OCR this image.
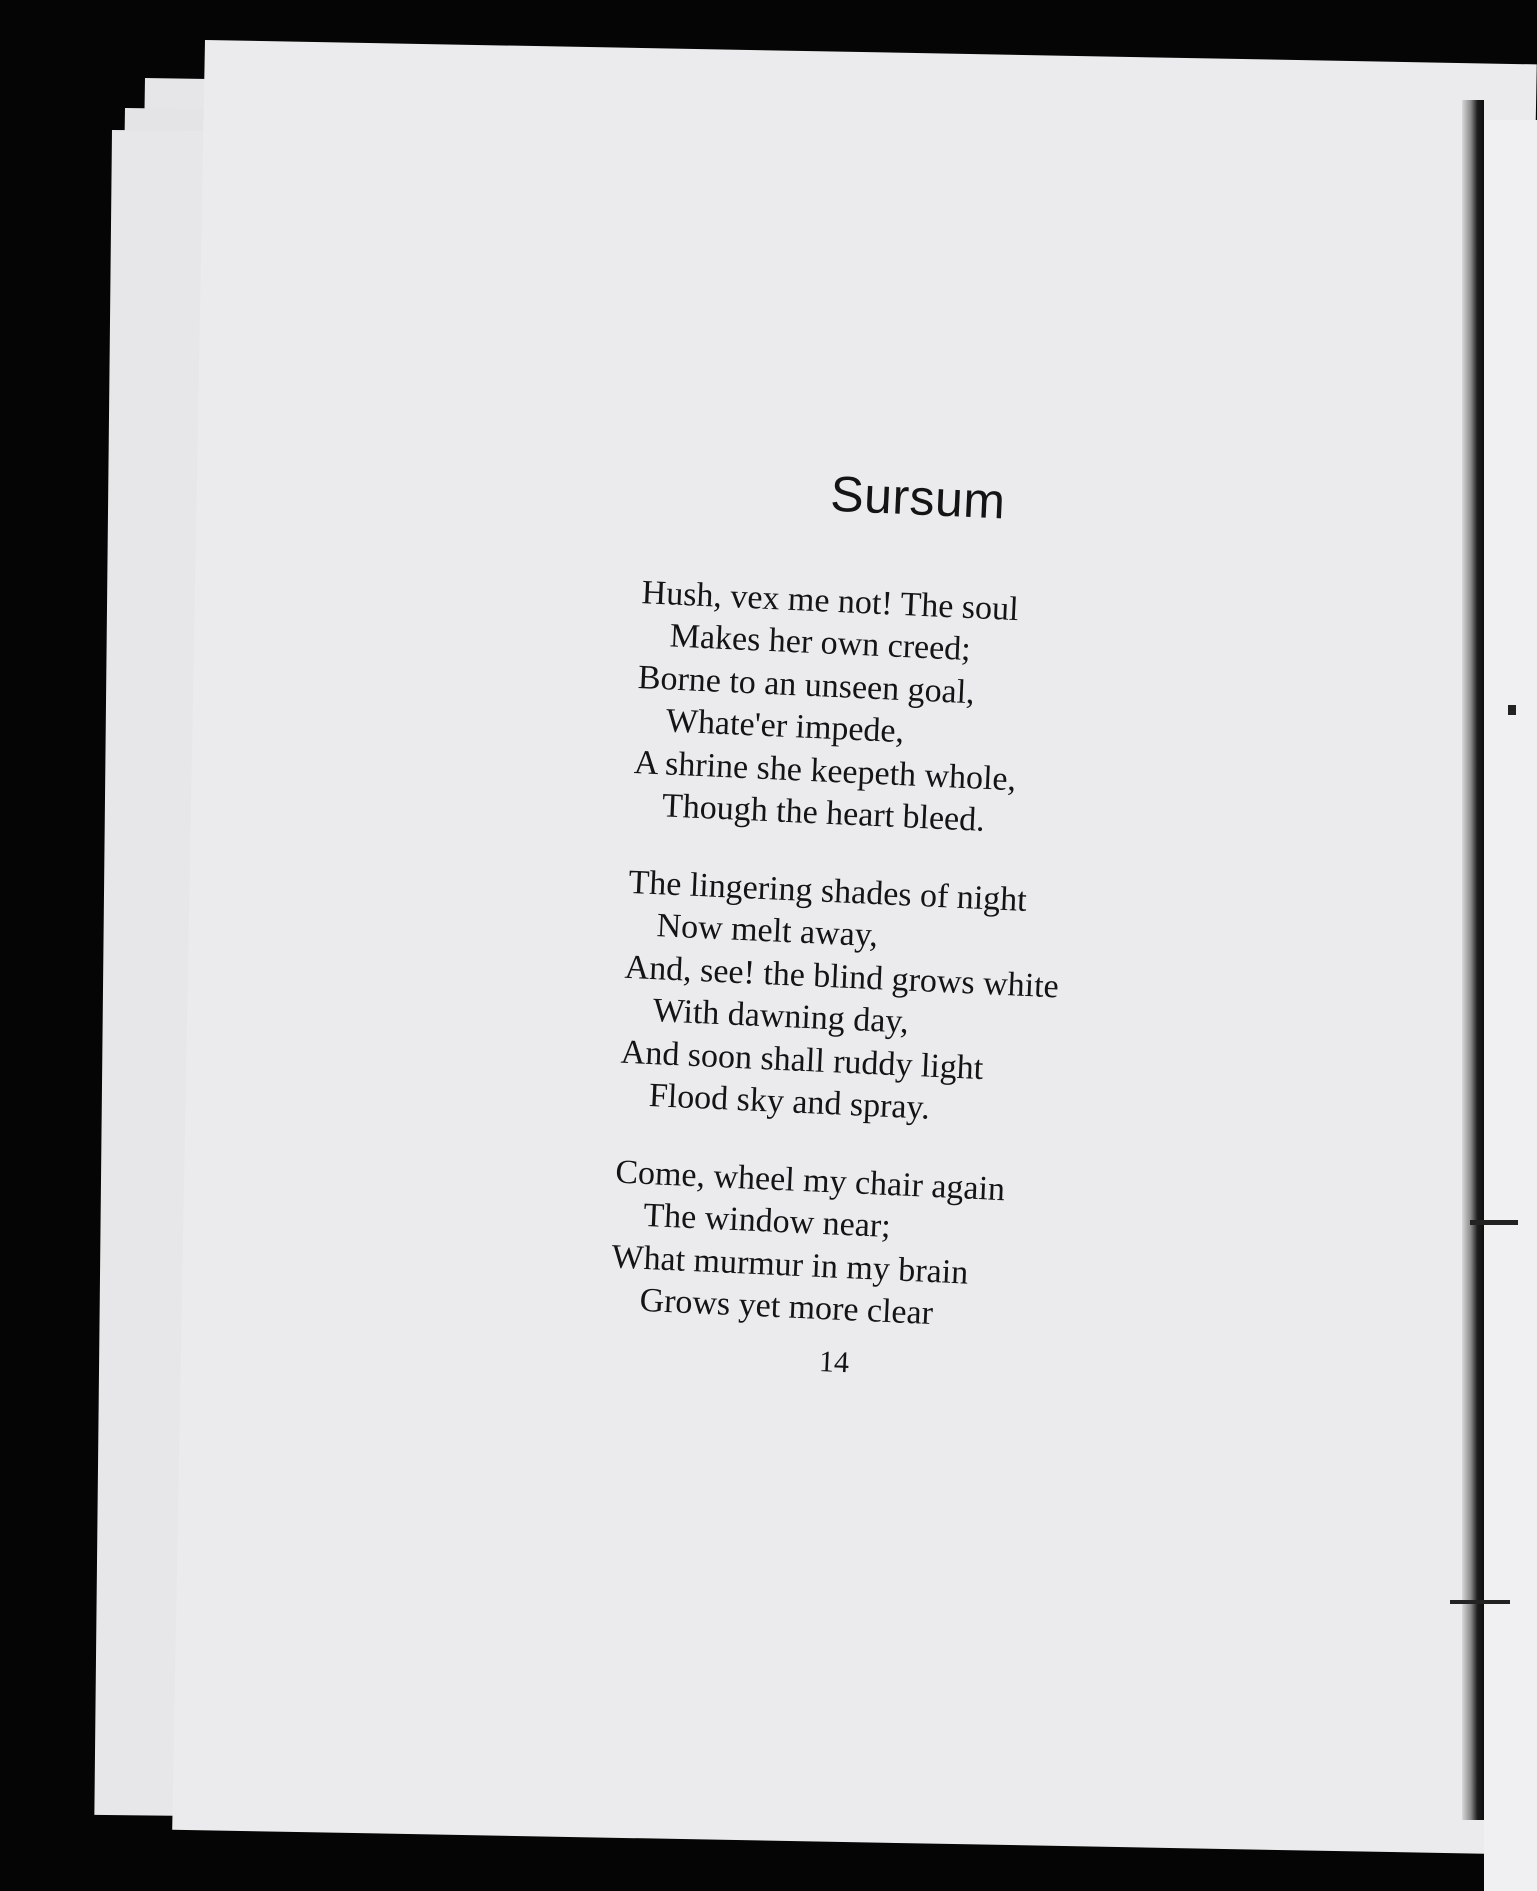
Sursum
Hush, vex me not! The soul
Makes her own creed;
Borne to an unseen goal,
Whate'er impede,
A shrine she keepeth whole,
Though the heart bleed.
The lingering shades of night
Now melt away,
And, see! the blind grows white
With dawning day,
And soon shall ruddy light
Flood sky and spray.
Come, wheel my chair again
The window near;
What murmur in my brain
Grows yet more clear
14
